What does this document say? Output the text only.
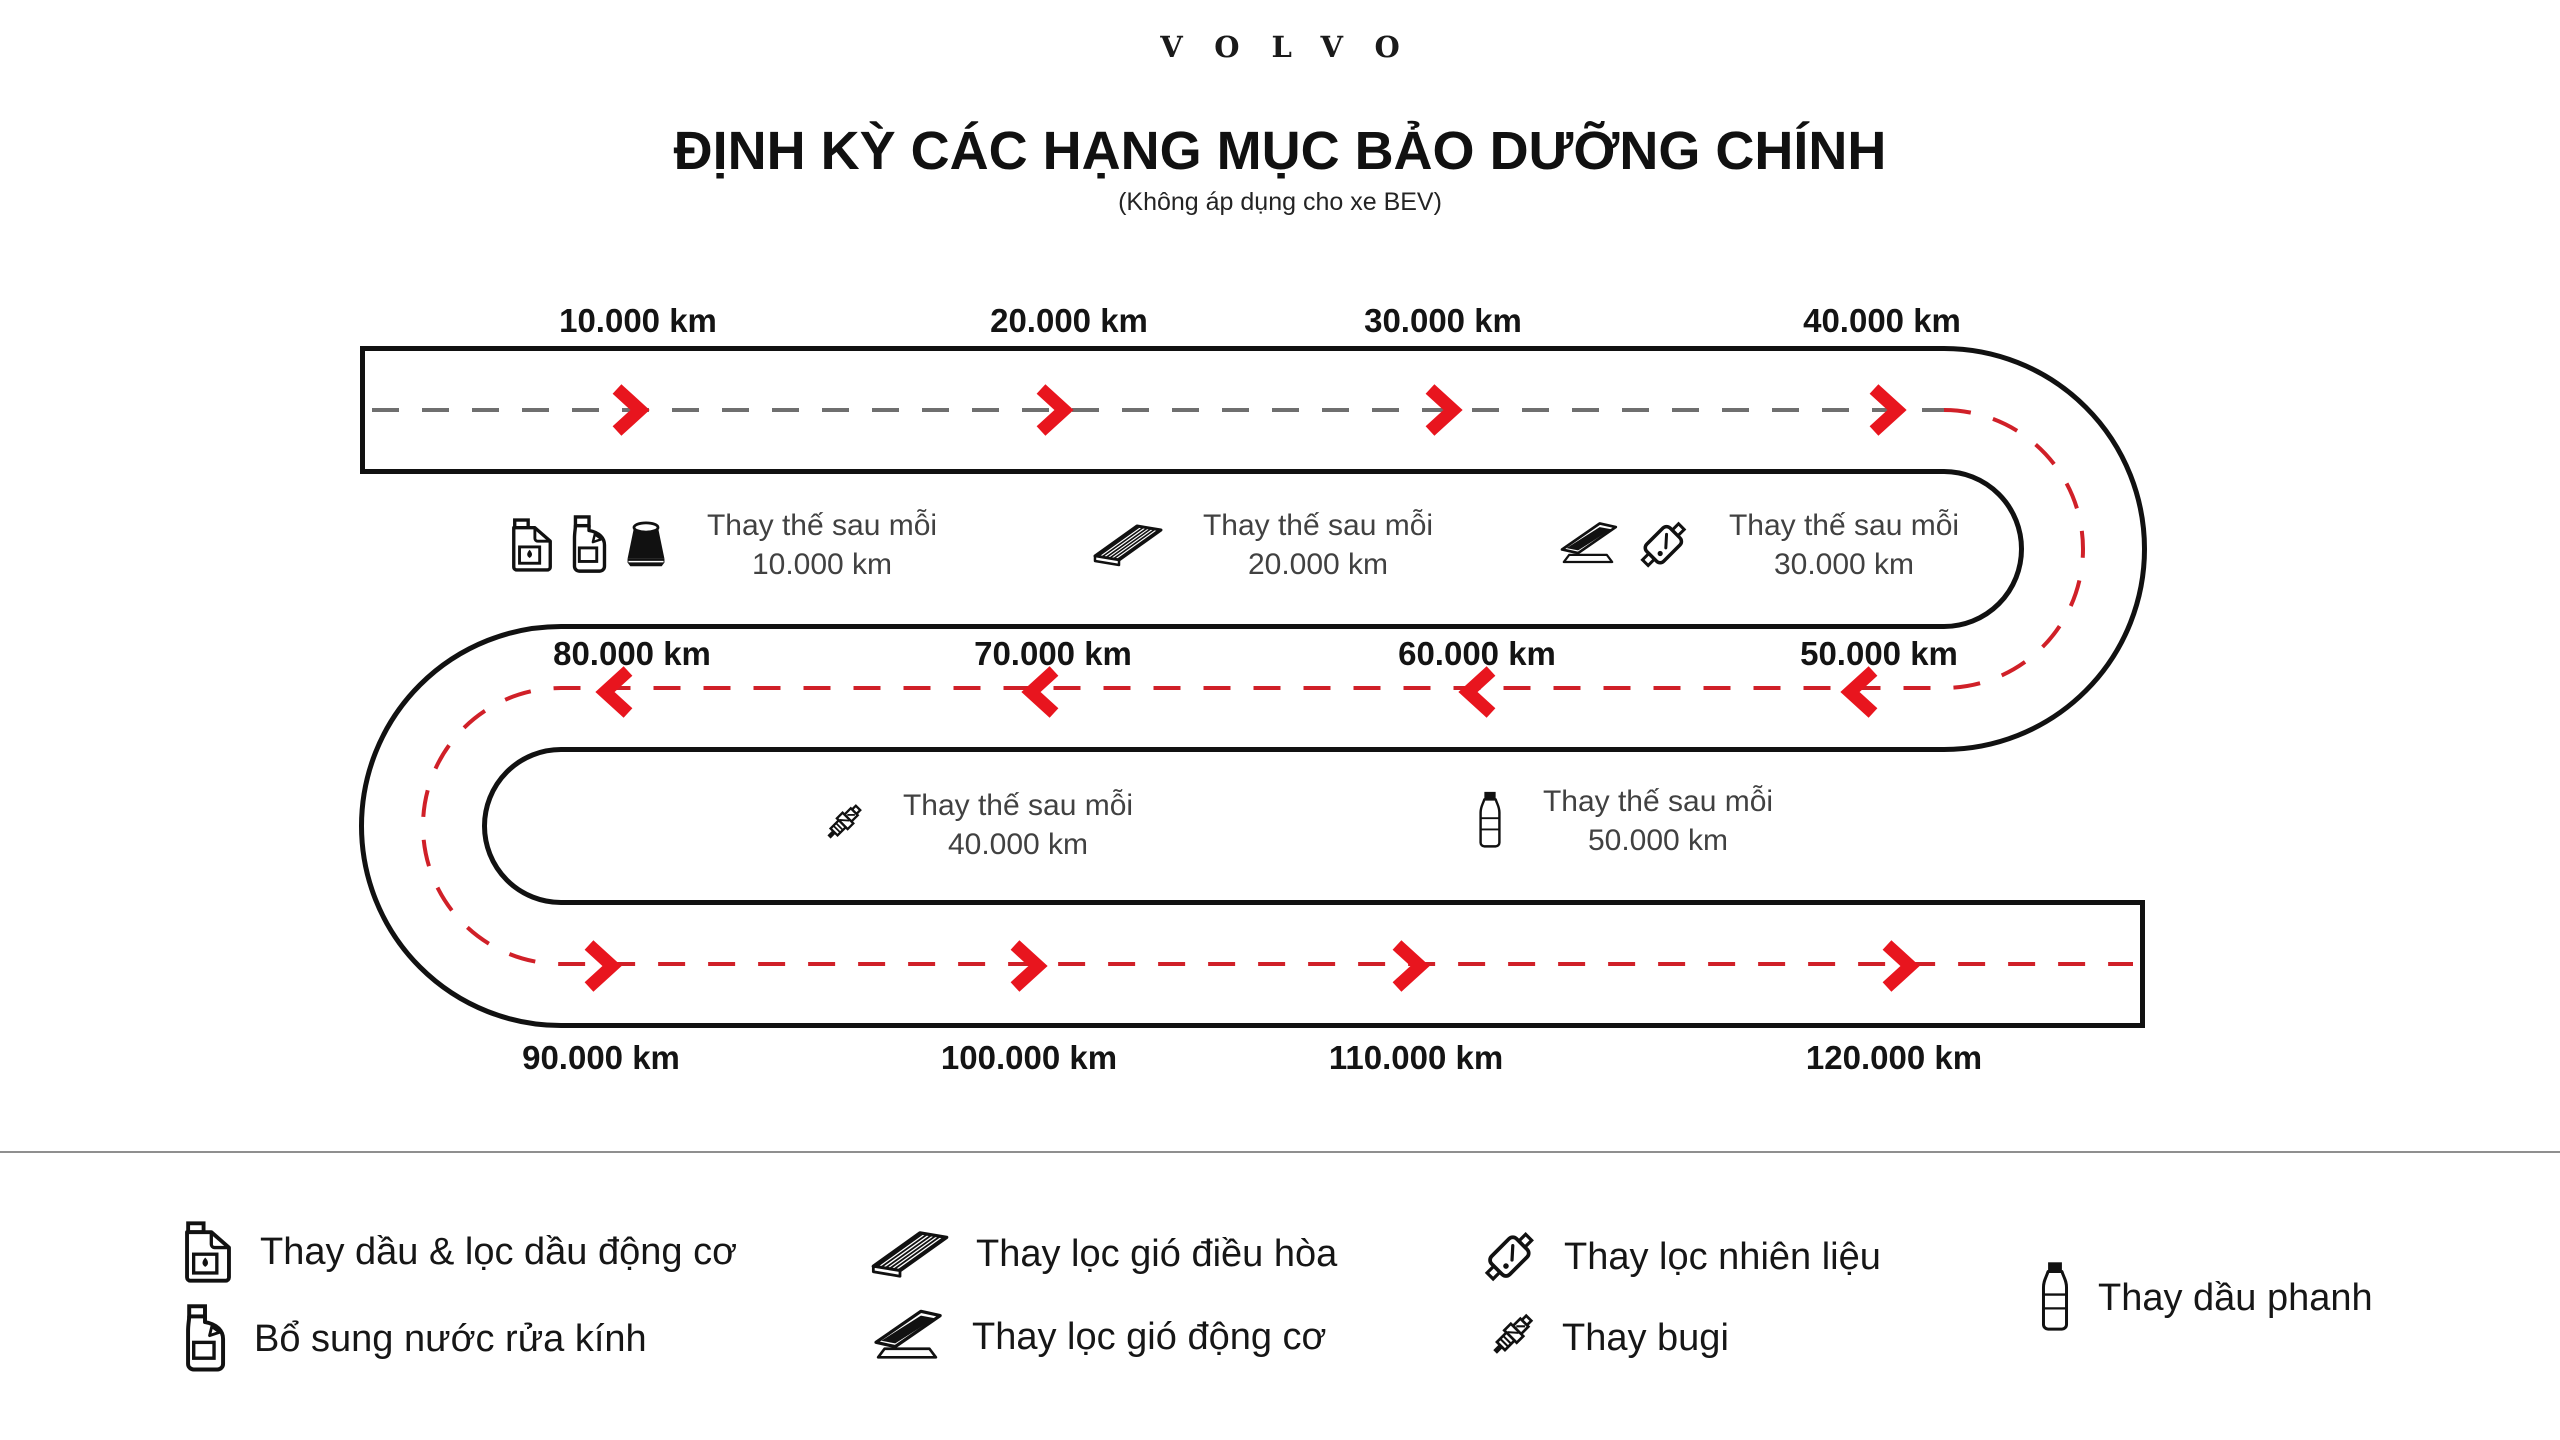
VOLVO
ĐỊNH KỲ CÁC HẠNG MỤC BẢO DƯỠNG CHÍNH
(Không áp dụng cho xe BEV)
10.000 km	20.000 km	30.000 km	40.000 km
80.000 km	70.000 km	60.000 km	50.000 km
90.000 km	100.000 km	110.000 km	120.000 km
Thay thế sau mỗi
10.000 km
Thay thế sau mỗi
20.000 km
Thay thế sau mỗi
30.000 km
Thay thế sau mỗi
40.000 km
Thay thế sau mỗi
50.000 km
Thay dầu & lọc dầu động cơ
Bổ sung nước rửa kính
Thay lọc gió điều hòa
Thay lọc gió động cơ
Thay lọc nhiên liệu
Thay bugi
Thay dầu phanh
